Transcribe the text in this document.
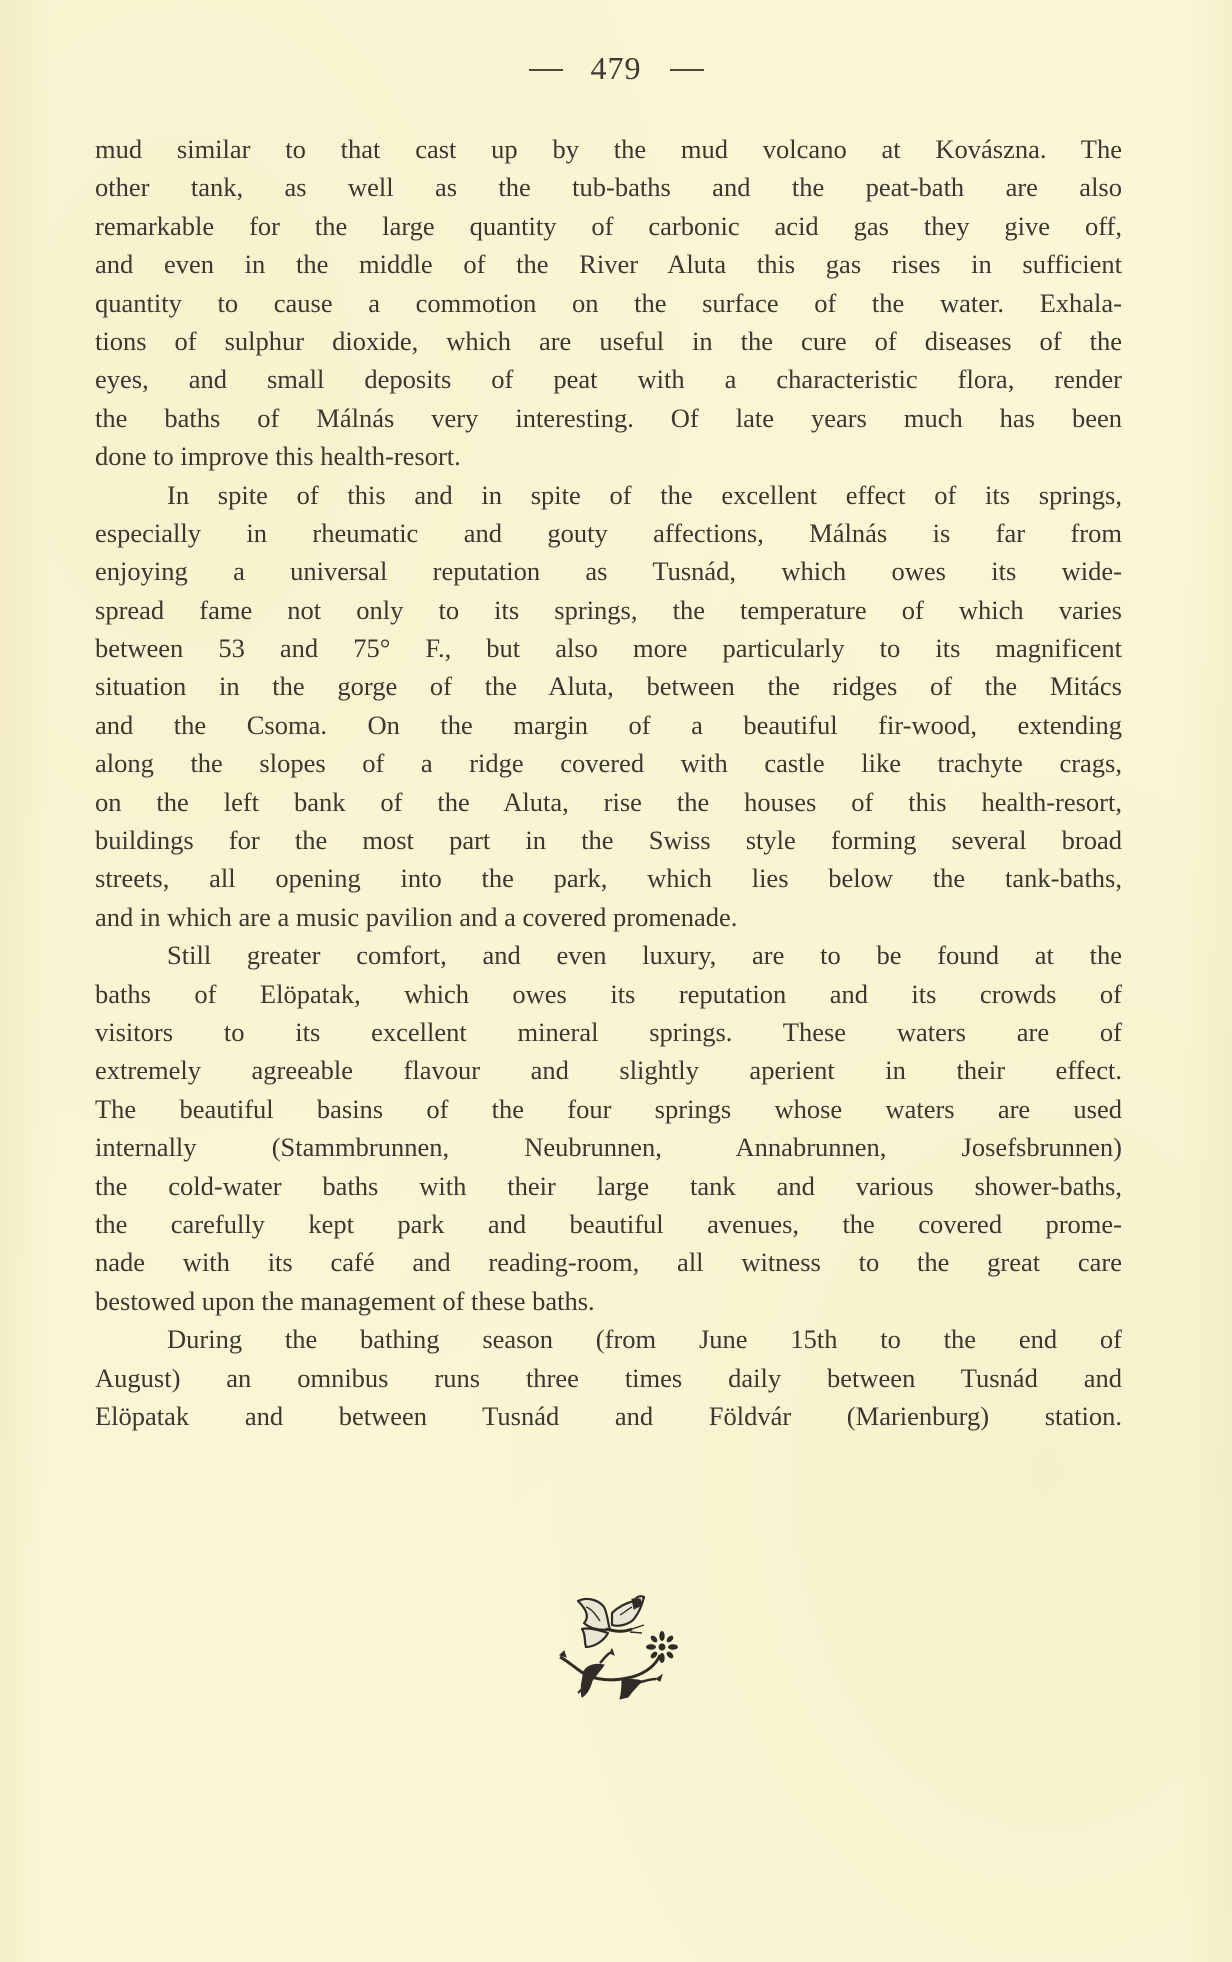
479
mud similar to that cast up by the mud volcano at Kovászna. The
other tank, as well as the tub-baths and the peat-bath are also
remarkable for the large quantity of carbonic acid gas they give off,
and even in the middle of the River Aluta this gas rises in sufficient
quantity to cause a commotion on the surface of the water. Exhala-
tions of sulphur dioxide, which are useful in the cure of diseases of the
eyes, and small deposits of peat with a characteristic flora, render
the baths of Málnás very interesting. Of late years much has been
done to improve this health-resort.
In spite of this and in spite of the excellent effect of its springs,
especially in rheumatic and gouty affections, Málnás is far from
enjoying a universal reputation as Tusnád, which owes its wide-
spread fame not only to its springs, the temperature of which varies
between 53 and 75° F., but also more particularly to its magnificent
situation in the gorge of the Aluta, between the ridges of the Mitács
and the Csoma. On the margin of a beautiful fir-wood, extending
along the slopes of a ridge covered with castle like trachyte crags,
on the left bank of the Aluta, rise the houses of this health-resort,
buildings for the most part in the Swiss style forming several broad
streets, all opening into the park, which lies below the tank-baths,
and in which are a music pavilion and a covered promenade.
Still greater comfort, and even luxury, are to be found at the
baths of Elöpatak, which owes its reputation and its crowds of
visitors to its excellent mineral springs. These waters are of
extremely agreeable flavour and slightly aperient in their effect.
The beautiful basins of the four springs whose waters are used
internally (Stammbrunnen, Neubrunnen, Annabrunnen, Josefsbrunnen)
the cold-water baths with their large tank and various shower-baths,
the carefully kept park and beautiful avenues, the covered prome-
nade with its café and reading-room, all witness to the great care
bestowed upon the management of these baths.
During the bathing season (from June 15th to the end of
August) an omnibus runs three times daily between Tusnád and
Elöpatak and between Tusnád and Földvár (Marienburg) station.
